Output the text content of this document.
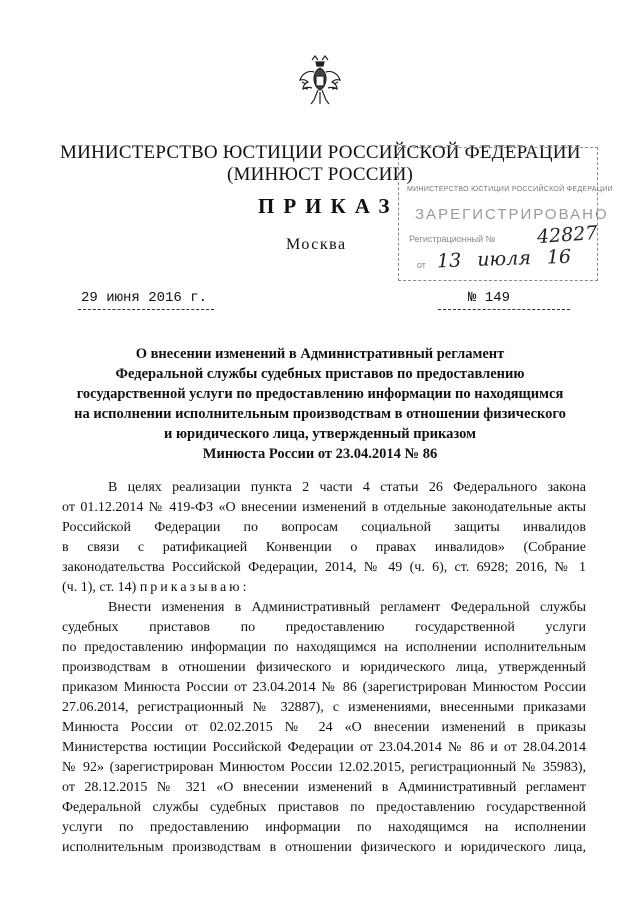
МИНИСТЕРСТВО ЮСТИЦИИ РОССИЙСКОЙ ФЕДЕРАЦИИ
(МИНЮСТ РОССИИ)
ПРИКАЗ
Москва
МИНИСТЕРСТВО ЮСТИЦИИ РОССИЙСКОЙ ФЕДЕРАЦИИ
ЗАРЕГИСТРИРОВАНО
Регистрационный № 42827
от 13 июля 16
29 июня 2016 г.	№ 149
О внесении изменений в Административный регламент
Федеральной службы судебных приставов по предоставлению
государственной услуги по предоставлению информации по находящимся
на исполнении исполнительным производствам в отношении физического
и юридического лица, утвержденный приказом
Минюста России от 23.04.2014 № 86
В целях реализации пункта 2 части 4 статьи 26 Федерального закона
от 01.12.2014 № 419-ФЗ «О внесении изменений в отдельные законодательные акты
Российской Федерации по вопросам социальной защиты инвалидов
в связи с ратификацией Конвенции о правах инвалидов» (Собрание
законодательства Российской Федерации, 2014, № 49 (ч. 6), ст. 6928; 2016, № 1
(ч. 1), ст. 14) приказываю:
Внести изменения в Административный регламент Федеральной службы
судебных приставов по предоставлению государственной услуги
по предоставлению информации по находящимся на исполнении исполнительным
производствам в отношении физического и юридического лица, утвержденный
приказом Минюста России от 23.04.2014 № 86 (зарегистрирован Минюстом России
27.06.2014, регистрационный № 32887), с изменениями, внесенными приказами
Минюста России от 02.02.2015 № 24 «О внесении изменений в приказы
Министерства юстиции Российской Федерации от 23.04.2014 № 86 и от 28.04.2014
№ 92» (зарегистрирован Минюстом России 12.02.2015, регистрационный № 35983),
от 28.12.2015 № 321 «О внесении изменений в Административный регламент
Федеральной службы судебных приставов по предоставлению государственной
услуги по предоставлению информации по находящимся на исполнении
исполнительным производствам в отношении физического и юридического лица,
